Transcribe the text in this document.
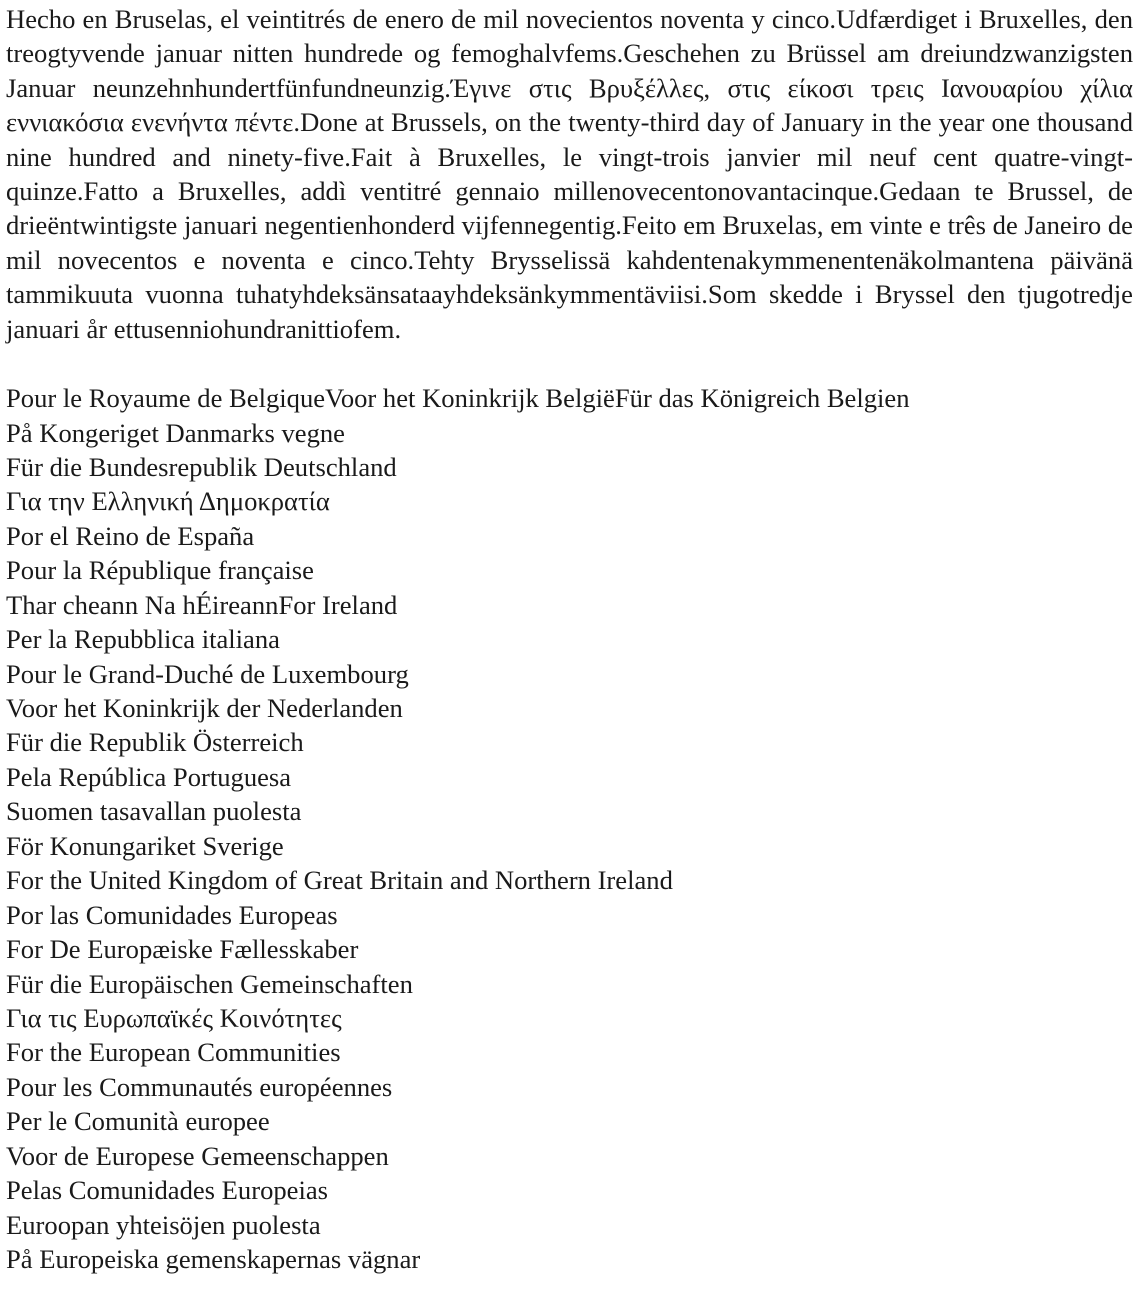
Hecho en Bruselas, el veintitrés de enero de mil novecientos noventa y cinco.Udfærdiget i Bruxelles, den treogtyvende januar nitten hundrede og femoghalvfems.Geschehen zu Brüssel am dreiundzwanzigsten Januar neunzehnhundertfünfundneunzig.Έγινε στις Βρυξέλλες, στις είκοσι τρεις Ιανουαρίου χίλια εννιακόσια ενενήντα πέντε.Done at Brussels, on the twenty-third day of January in the year one thousand nine hundred and ninety-five.Fait à Bruxelles, le vingt-trois janvier mil neuf cent quatre-vingt-quinze.Fatto a Bruxelles, addì ventitré gennaio millenovecentonovantacinque.Gedaan te Brussel, de drieëntwintigste januari negentienhonderd vijfennegentig.Feito em Bruxelas, em vinte e três de Janeiro de mil novecentos e noventa e cinco.Tehty Brysselissä kahdentenakymmenentenäkolmantena päivänä tammikuuta vuonna tuhatyhdeksänsataayhdeksänkymmentäviisi.Som skedde i Bryssel den tjugotredje januari år ettusenniohundranittiofem.

Pour le Royaume de BelgiqueVoor het Koninkrijk BelgiëFür das Königreich Belgien
På Kongeriget Danmarks vegne
Für die Bundesrepublik Deutschland
Για την Ελληνική Δημοκρατία
Por el Reino de España
Pour la République française
Thar cheann Na hÉireannFor Ireland
Per la Repubblica italiana
Pour le Grand-Duché de Luxembourg
Voor het Koninkrijk der Nederlanden
Für die Republik Österreich
Pela República Portuguesa
Suomen tasavallan puolesta
För Konungariket Sverige
For the United Kingdom of Great Britain and Northern Ireland
Por las Comunidades Europeas
For De Europæiske Fællesskaber
Für die Europäischen Gemeinschaften
Για τις Ευρωπαϊκές Κοινότητες
For the European Communities
Pour les Communautés européennes
Per le Comunità europee
Voor de Europese Gemeenschappen
Pelas Comunidades Europeias
Euroopan yhteisöjen puolesta
På Europeiska gemenskapernas vägnar
